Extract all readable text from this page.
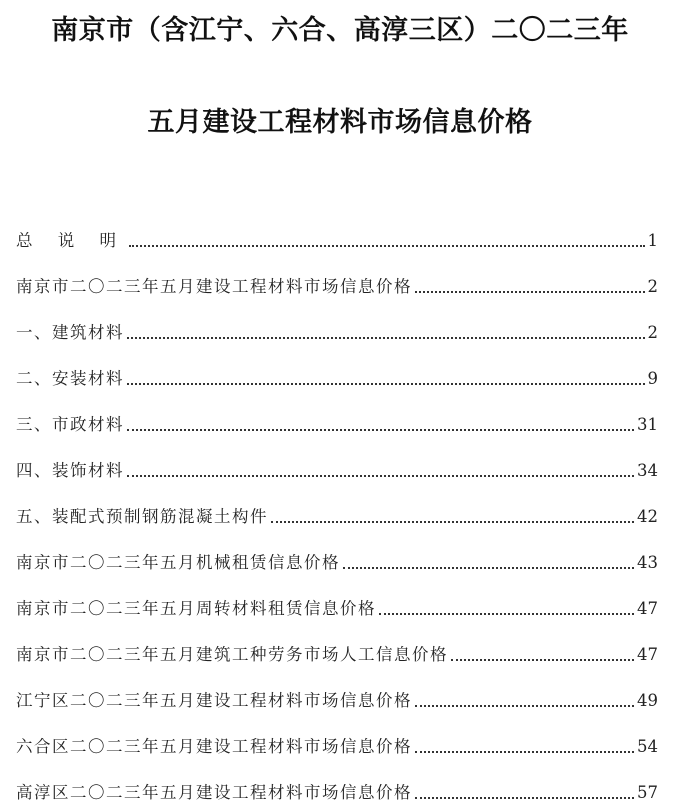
南京市（含江宁、六合、高淳三区）二〇二三年
五月建设工程材料市场信息价格
总 说 明	1
南京市二〇二三年五月建设工程材料市场信息价格	2
一、建筑材料	2
二、安装材料	9
三、市政材料	31
四、装饰材料	34
五、装配式预制钢筋混凝土构件	42
南京市二〇二三年五月机械租赁信息价格	43
南京市二〇二三年五月周转材料租赁信息价格	47
南京市二〇二三年五月建筑工种劳务市场人工信息价格	47
江宁区二〇二三年五月建设工程材料市场信息价格	49
六合区二〇二三年五月建设工程材料市场信息价格	54
高淳区二〇二三年五月建设工程材料市场信息价格	57
